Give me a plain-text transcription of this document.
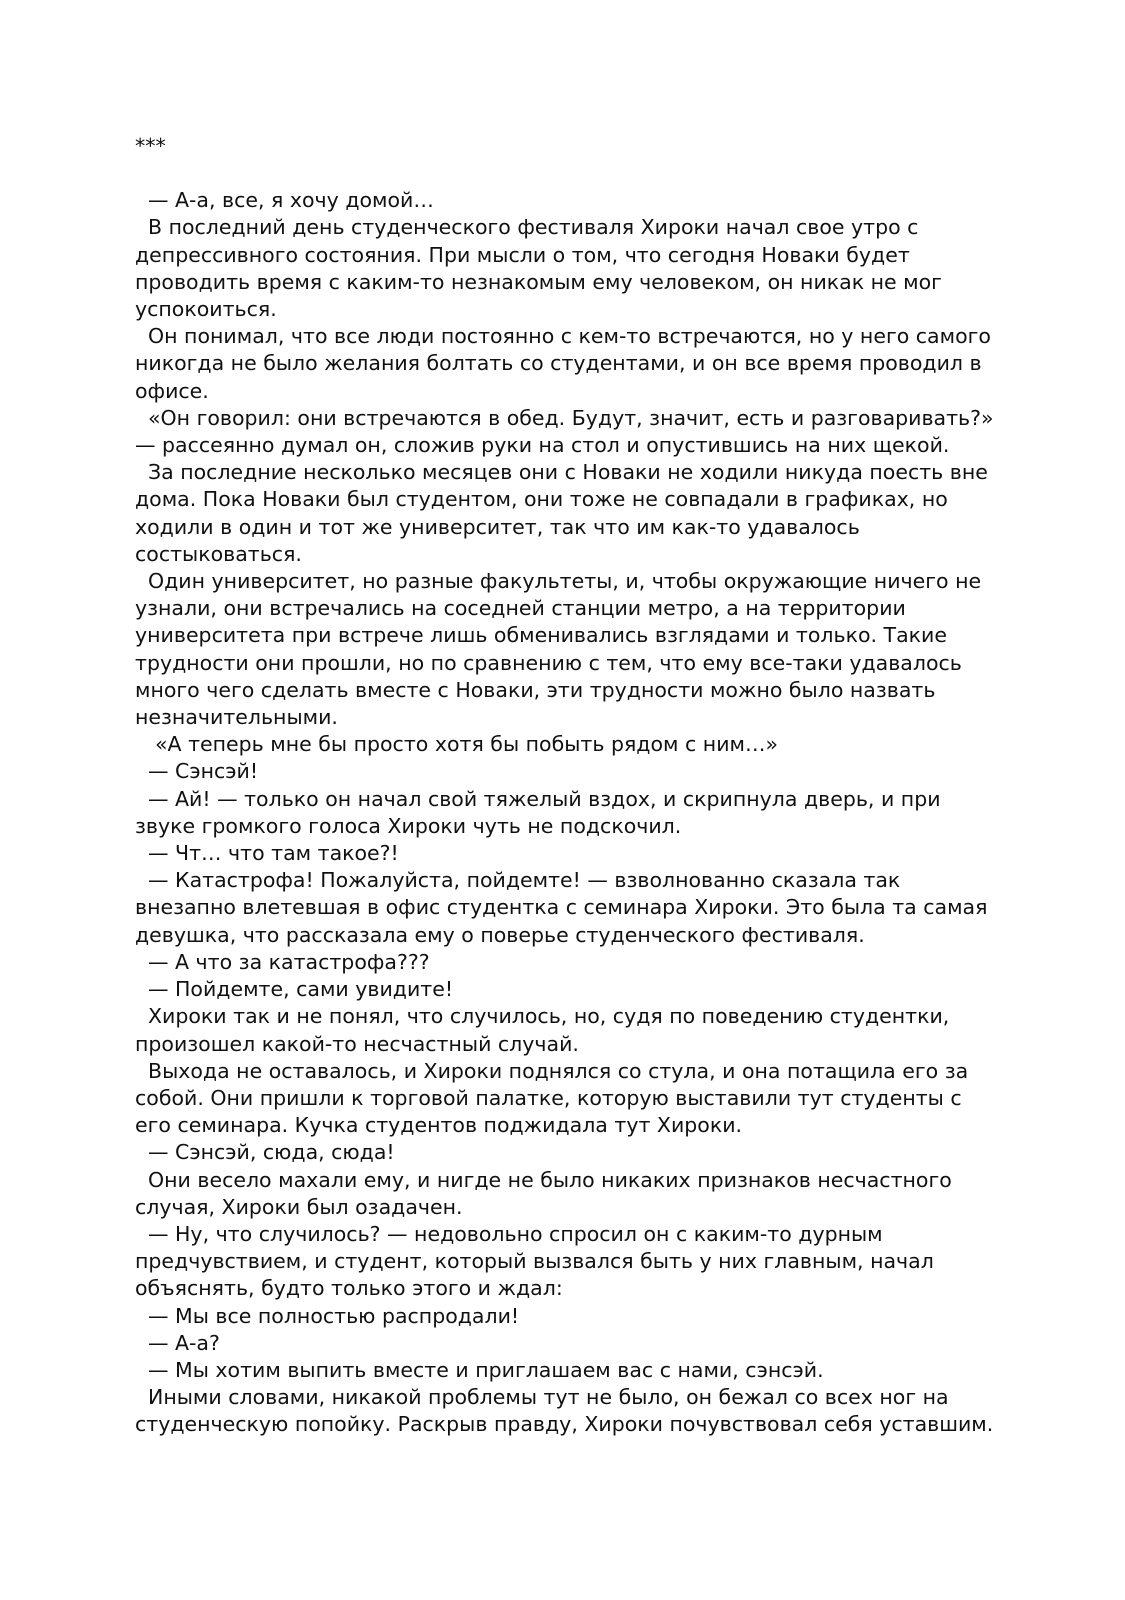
***

— А-а, все, я хочу домой…

В последний день студенческого фестиваля Хироки начал свое утро с депрессивного состояния. При мысли о том, что сегодня Новаки будет проводить время с каким-то незнакомым ему человеком, он никак не мог успокоиться.

Он понимал, что все люди постоянно с кем-то встречаются, но у него самого никогда не было желания болтать со студентами, и он все время проводил в офисе.

«Он говорил: они встречаются в обед. Будут, значит, есть и разговаривать?» — рассеянно думал он, сложив руки на стол и опустившись на них щекой.

За последние несколько месяцев они с Новаки не ходили никуда поесть вне дома. Пока Новаки был студентом, они тоже не совпадали в графиках, но ходили в один и тот же университет, так что им как-то удавалось состыковаться.

Один университет, но разные факультеты, и, чтобы окружающие ничего не узнали, они встречались на соседней станции метро, а на территории университета при встрече лишь обменивались взглядами и только. Такие трудности они прошли, но по сравнению с тем, что ему все-таки удавалось много чего сделать вместе с Новаки, эти трудности можно было назвать незначительными.

«А теперь мне бы просто хотя бы побыть рядом с ним…»

— Сэнсэй!

— Ай! — только он начал свой тяжелый вздох, и скрипнула дверь, и при звуке громкого голоса Хироки чуть не подскочил.

— Чт… что там такое?!

— Катастрофа! Пожалуйста, пойдемте! — взволнованно сказала так внезапно влетевшая в офис студентка с семинара Хироки. Это была та самая девушка, что рассказала ему о поверье студенческого фестиваля.

— А что за катастрофа???

— Пойдемте, сами увидите!

Хироки так и не понял, что случилось, но, судя по поведению студентки, произошел какой-то несчастный случай.

Выхода не оставалось, и Хироки поднялся со стула, и она потащила его за собой. Они пришли к торговой палатке, которую выставили тут студенты с его семинара. Кучка студентов поджидала тут Хироки.

— Сэнсэй, сюда, сюда!

Они весело махали ему, и нигде не было никаких признаков несчастного случая, Хироки был озадачен.

— Ну, что случилось? — недовольно спросил он с каким-то дурным предчувствием, и студент, который вызвался быть у них главным, начал объяснять, будто только этого и ждал:

— Мы все полностью распродали!

— А-а?

— Мы хотим выпить вместе и приглашаем вас с нами, сэнсэй.

Иными словами, никакой проблемы тут не было, он бежал со всех ног на студенческую попойку. Раскрыв правду, Хироки почувствовал себя уставшим.
